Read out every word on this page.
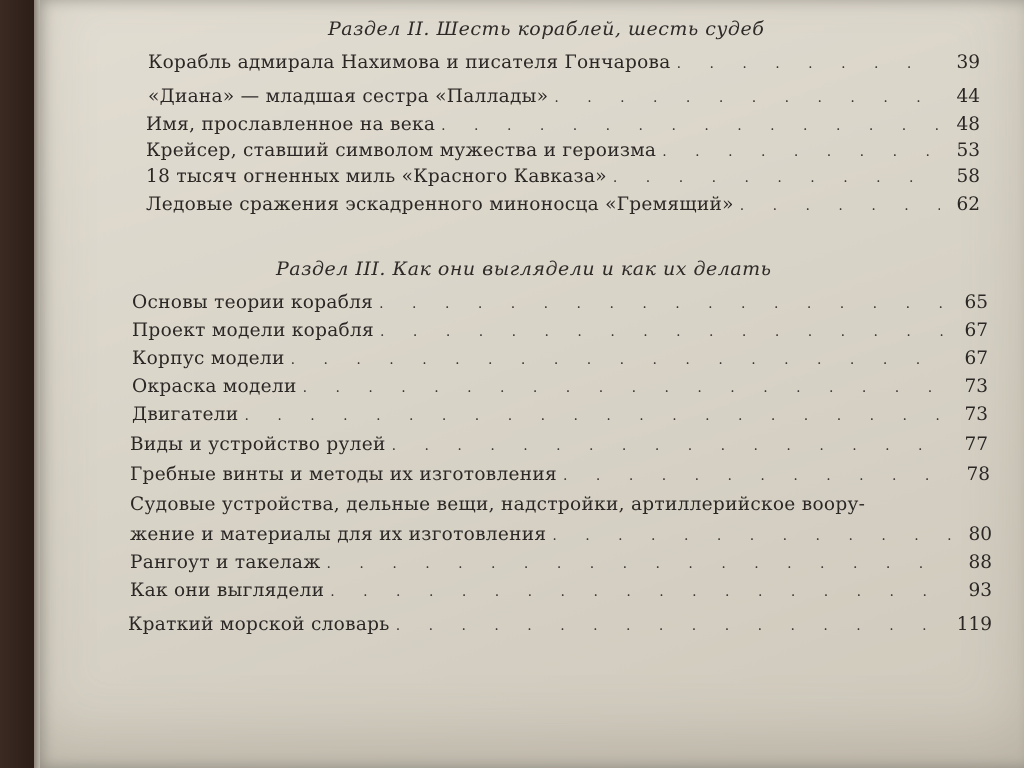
Раздел II. Шесть кораблей, шесть судеб
Корабль адмирала Нахимова и писателя Гончарова . . .	39
«Диана» — младшая сестра «Паллады» . . .	44
Имя, прославленное на века . . .	48
Крейсер, ставший символом мужества и героизма . . .	53
18 тысяч огненных миль «Красного Кавказа» . . .	58
Ледовые сражения эскадренного миноносца «Гремящий» . . .	62
Раздел III. Как они выглядели и как их делать
Основы теории корабля . . .	65
Проект модели корабля . . .	67
Корпус модели . . .	67
Окраска модели . . .	73
Двигатели . . .	73
Виды и устройство рулей . . .	77
Гребные винты и методы их изготовления . . .	78
Судовые устройства, дельные вещи, надстройки, артиллерийское воору-
жение и материалы для их изготовления . . .	80
Рангоут и такелаж . . .	88
Как они выглядели . . .	93
Краткий морской словарь . . .	119
